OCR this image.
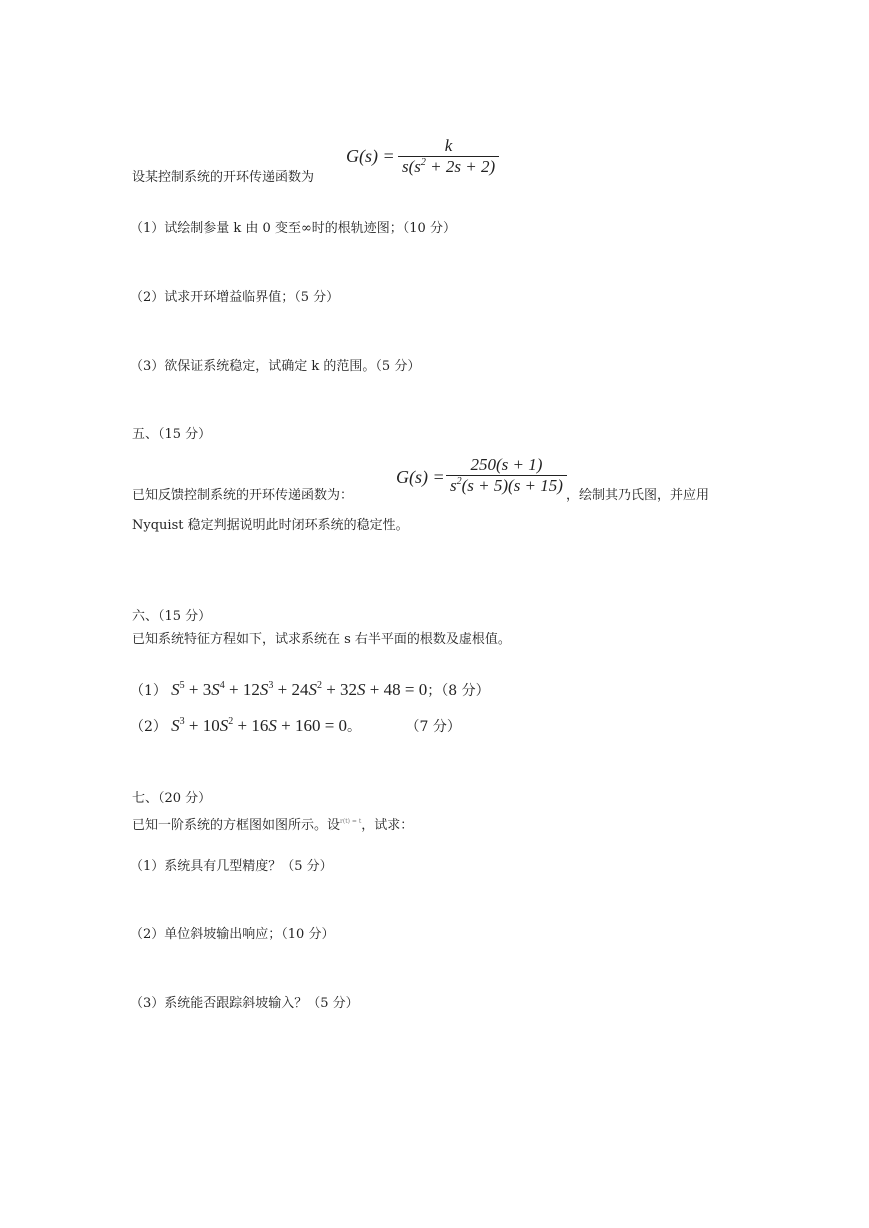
G(s) =
k
$s(s^2 + 2s + 2)$
设某控制系统的开环传递函数为
（1）试绘制参量 k 由 0 变至∞时的根轨迹图；（10 分）
（2）试求开环增益临界值；（5 分）
（3）欲保证系统稳定，试确定 k 的范围。（5 分）
五、（15 分）
G(s) =
250(s + 1)
$s^2(s + 5)(s + 15)$
已知反馈控制系统的开环传递函数为：	，绘制其乃氏图，并应用
Nyquist 稳定判据说明此时闭环系统的稳定性。
六、（15 分）
已知系统特征方程如下，试求系统在 s 右半平面的根数及虚根值。
（1） $S^5 + 3S^4 + 12S^3 + 24S^2 + 32S + 48 = 0$；（8 分）
（2） $S^3 + 10S^2 + 16S + 160 = 0$。          （7 分）
七、（20 分）
已知一阶系统的方框图如图所示。设$^{r(t) = t}$，试求：
（1）系统具有几型精度？（5 分）
（2）单位斜坡输出响应；（10 分）
（3）系统能否跟踪斜坡输入？（5 分）
